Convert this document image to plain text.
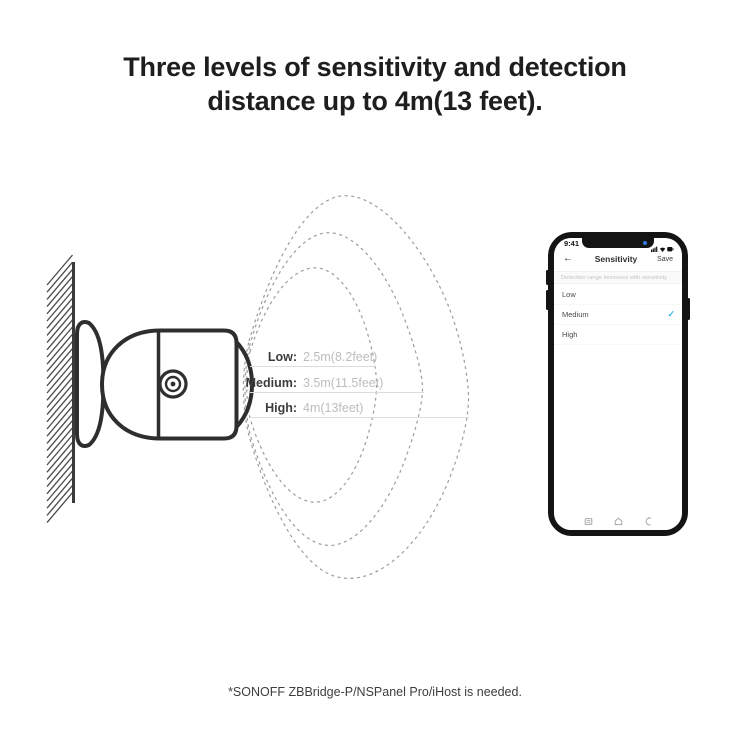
Three levels of sensitivity and detection
distance up to 4m(13 feet).
Low: 2.5m(8.2feet)
Medium: 3.5m(11.5feet)
High: 4m(13feet)
9:41
←	Sensitivity	Save
Detection range increases with sensitivity
Low
Medium	✓
High
*SONOFF ZBBridge-P/NSPanel Pro/iHost is needed.
